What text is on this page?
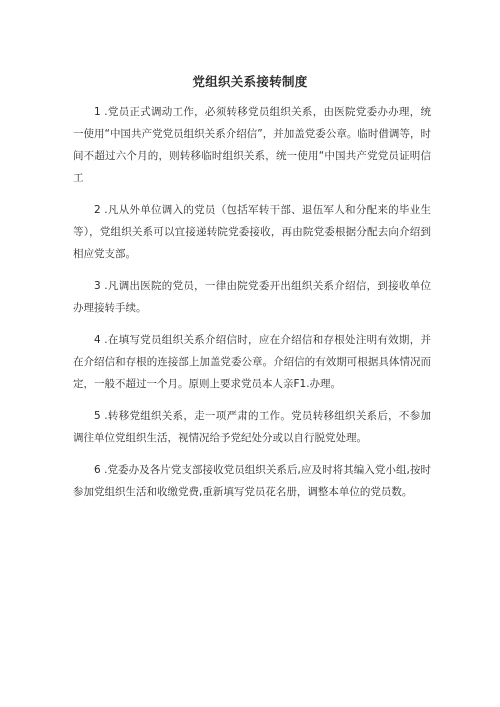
党组织关系接转制度

1 .党员正式调动工作，必须转移党员组织关系，由医院党委办办理，统一使用“中国共产党党员组织关系介绍信”，并加盖党委公章。临时借调等，时间不超过六个月的，则转移临时组织关系，统一使用“中国共产党党员证明信工

2 .凡从外单位调入的党员（包括军转干部、退伍军人和分配来的毕业生等），党组织关系可以宜接递转院党委接收，再由院党委根据分配去向介绍到相应党支部。

3 .凡调出医院的党员，一律由院党委开出组织关系介绍信，到接收单位办理接转手续。

4 .在填写党员组织关系介绍信时，应在介绍信和存根处注明有效期，并在介绍信和存根的连接部上加盖党委公章。介绍信的有效期可根据具体情况而定，一般不超过一个月。原则上要求党员本人亲F1.办理。

5 .转移党组织关系，走一项严肃的工作。党员转移组织关系后，不参加调往单位党组织生活，视情况给予党纪处分或以自行脱党处理。

6 .党委办及各片党支部接收党员组织关系后,应及时将其编入党小组,按时参加党组织生活和收缴党费,重新填写党员花名册，调整本单位的党员数。
